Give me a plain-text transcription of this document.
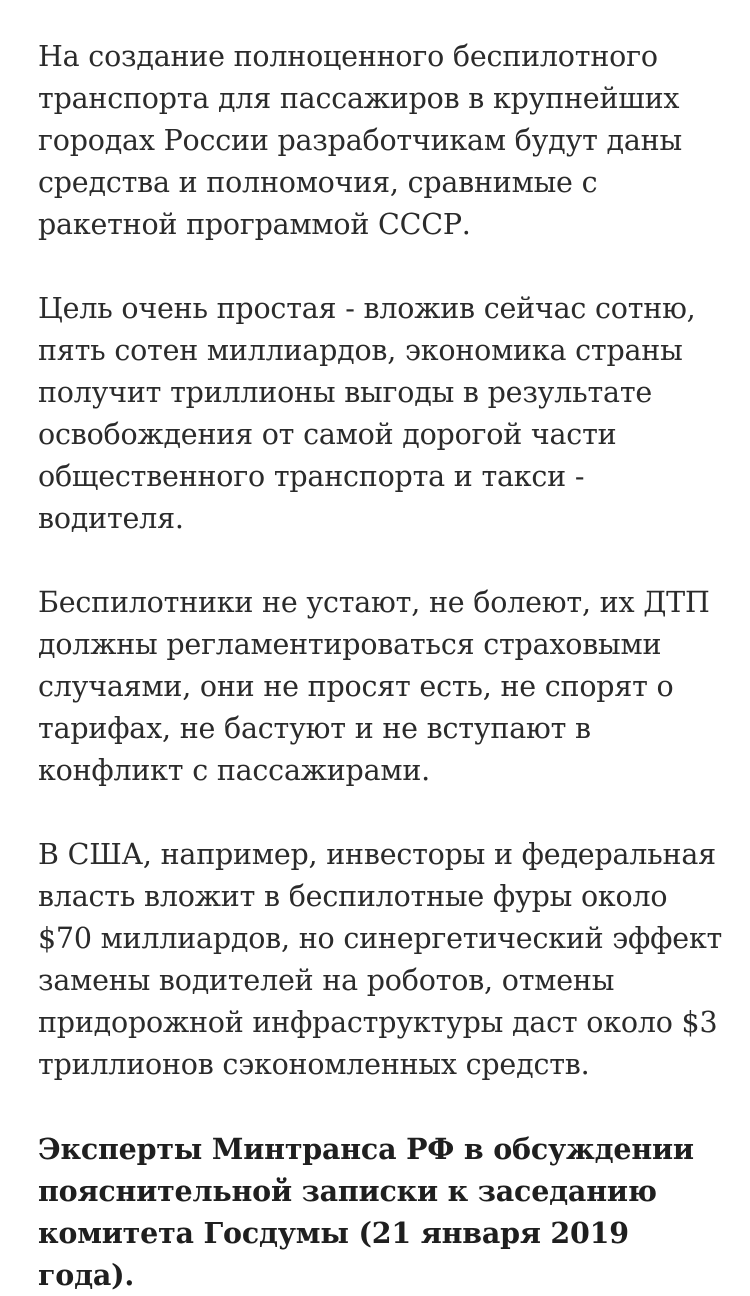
На создание полноценного беспилотного транспорта для пассажиров в крупнейших городах России разработчикам будут даны средства и полномочия, сравнимые с ракетной программой СССР.

Цель очень простая - вложив сейчас сотню, пять сотен миллиардов, экономика страны получит триллионы выгоды в результате освобождения от самой дорогой части общественного транспорта и такси - водителя.

Беспилотники не устают, не болеют, их ДТП должны регламентироваться страховыми случаями, они не просят есть, не спорят о тарифах, не бастуют и не вступают в конфликт с пассажирами.

В США, например, инвесторы и федеральная власть вложит в беспилотные фуры около $70 миллиардов, но синергетический эффект замены водителей на роботов, отмены придорожной инфраструктуры даст около $3 триллионов сэкономленных средств.

Эксперты Минтранса РФ в обсуждении пояснительной записки к заседанию комитета Госдумы (21 января 2019 года).
